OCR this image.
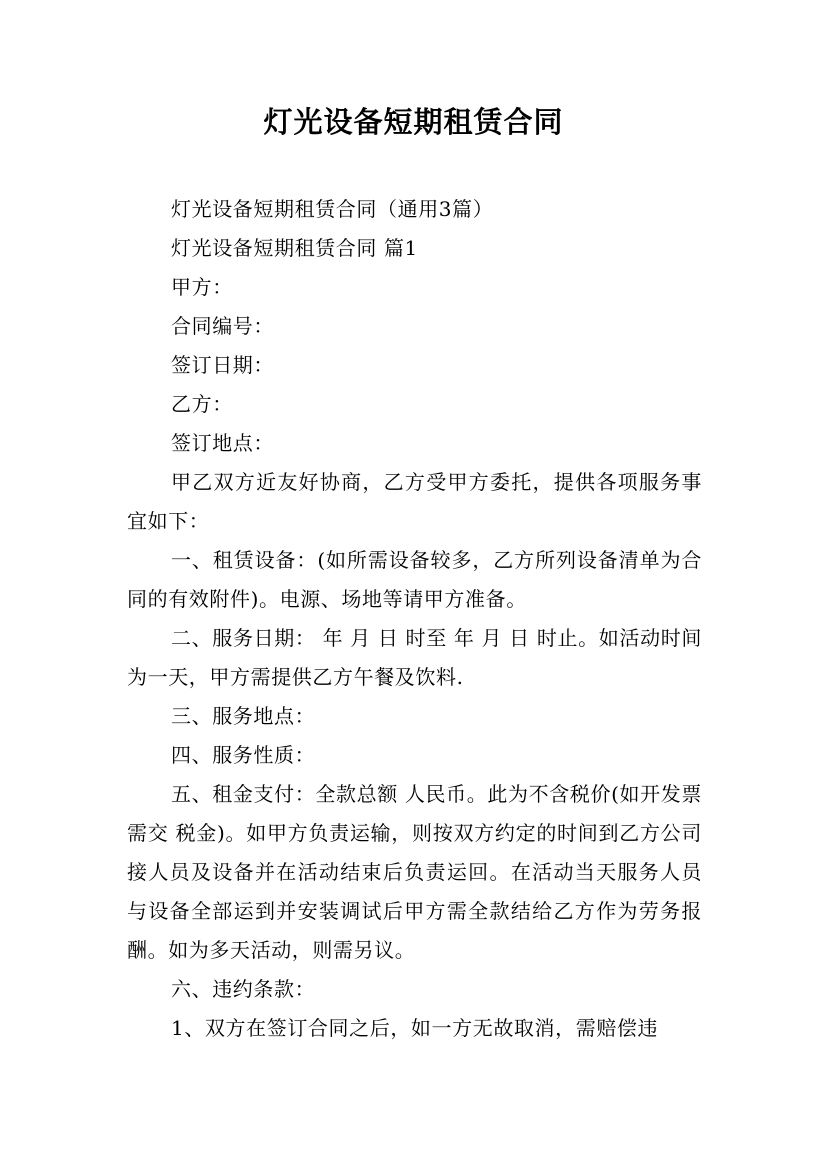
灯光设备短期租赁合同

灯光设备短期租赁合同（通用3篇）

灯光设备短期租赁合同 篇1

甲方：

合同编号：

签订日期：

乙方：

签订地点：

甲乙双方近友好协商，乙方受甲方委托，提供各项服务事宜如下：

一、租赁设备：(如所需设备较多，乙方所列设备清单为合同的有效附件)。电源、场地等请甲方准备。

二、服务日期： 年 月 日 时至 年 月 日 时止。如活动时间为一天，甲方需提供乙方午餐及饮料.

三、服务地点：

四、服务性质：

五、租金支付：全款总额 人民币。此为不含税价(如开发票需交 税金)。如甲方负责运输，则按双方约定的时间到乙方公司接人员及设备并在活动结束后负责运回。在活动当天服务人员与设备全部运到并安装调试后甲方需全款结给乙方作为劳务报酬。如为多天活动，则需另议。

六、违约条款：

1、双方在签订合同之后，如一方无故取消，需赔偿违
